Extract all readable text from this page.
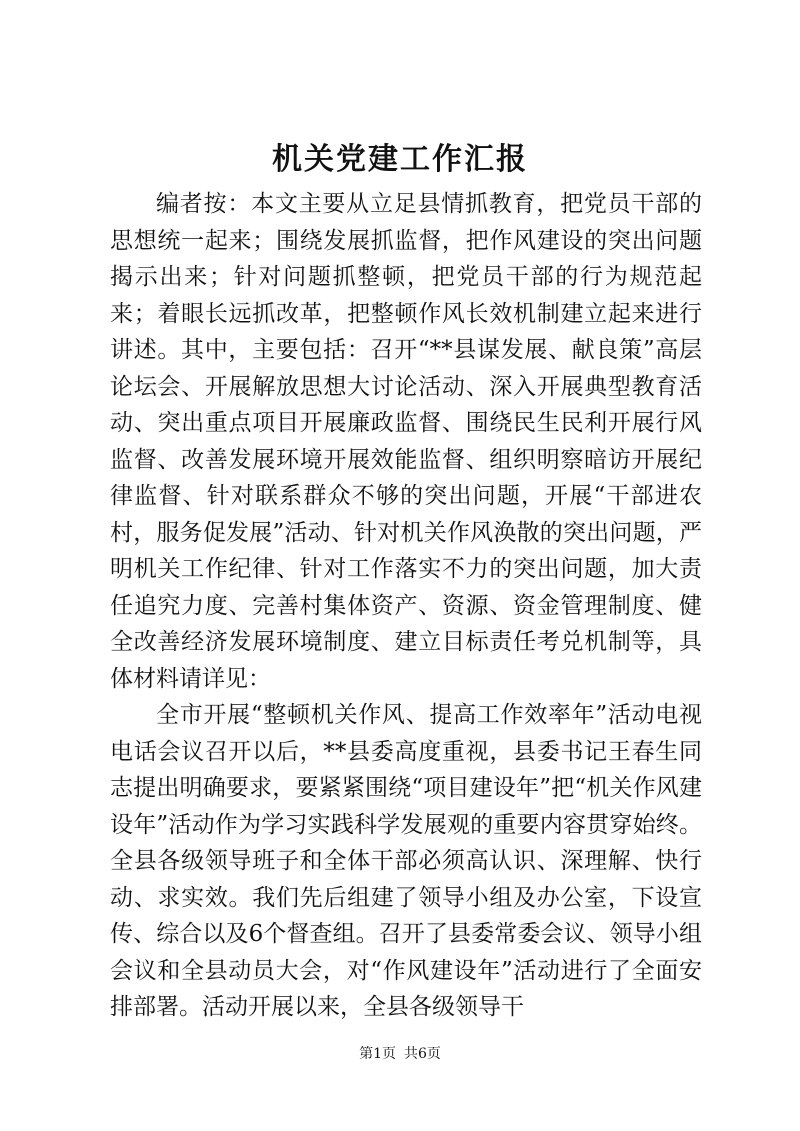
机关党建工作汇报

编者按：本文主要从立足县情抓教育，把党员干部的思想统一起来；围绕发展抓监督，把作风建设的突出问题揭示出来；针对问题抓整顿，把党员干部的行为规范起来；着眼长远抓改革，把整顿作风长效机制建立起来进行讲述。其中，主要包括：召开“**县谋发展、献良策”高层论坛会、开展解放思想大讨论活动、深入开展典型教育活动、突出重点项目开展廉政监督、围绕民生民利开展行风监督、改善发展环境开展效能监督、组织明察暗访开展纪律监督、针对联系群众不够的突出问题，开展“干部进农村，服务促发展”活动、针对机关作风涣散的突出问题，严明机关工作纪律、针对工作落实不力的突出问题，加大责任追究力度、完善村集体资产、资源、资金管理制度、健全改善经济发展环境制度、建立目标责任考兑机制等，具体材料请详见：

全市开展“整顿机关作风、提高工作效率年”活动电视电话会议召开以后，**县委高度重视，县委书记王春生同志提出明确要求，要紧紧围绕“项目建设年”把“机关作风建设年”活动作为学习实践科学发展观的重要内容贯穿始终。全县各级领导班子和全体干部必须高认识、深理解、快行动、求实效。我们先后组建了领导小组及办公室，下设宣传、综合以及6个督查组。召开了县委常委会议、领导小组会议和全县动员大会，对“作风建设年”活动进行了全面安排部署。活动开展以来，全县各级领导干

第1页 共6页
